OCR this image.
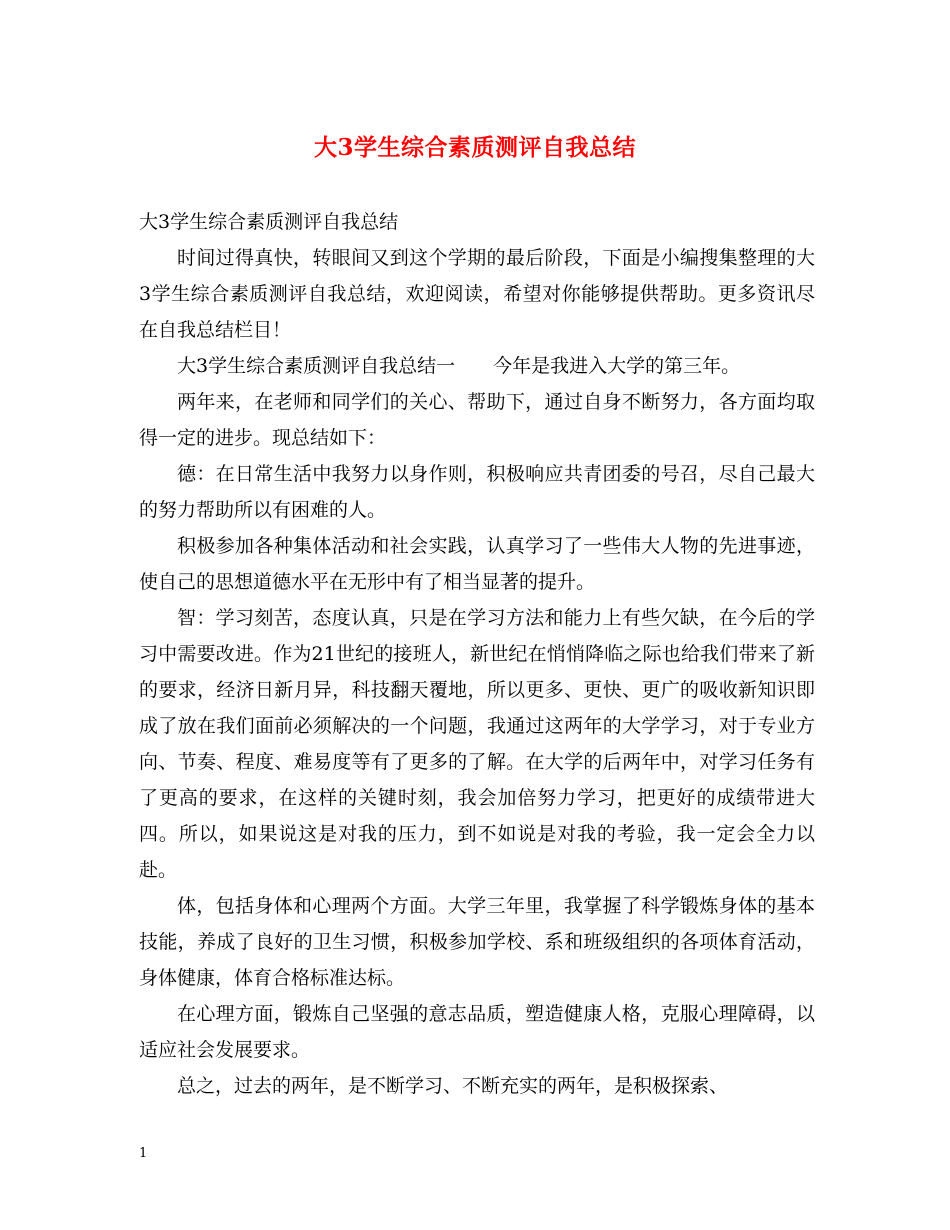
大3学生综合素质测评自我总结

大3学生综合素质测评自我总结

时间过得真快，转眼间又到这个学期的最后阶段，下面是小编搜集整理的大3学生综合素质测评自我总结，欢迎阅读，希望对你能够提供帮助。更多资讯尽在自我总结栏目！

大3学生综合素质测评自我总结一　　今年是我进入大学的第三年。

两年来，在老师和同学们的关心、帮助下，通过自身不断努力，各方面均取得一定的进步。现总结如下：

德：在日常生活中我努力以身作则，积极响应共青团委的号召，尽自己最大的努力帮助所以有困难的人。

积极参加各种集体活动和社会实践，认真学习了一些伟大人物的先进事迹，使自己的思想道德水平在无形中有了相当显著的提升。

智：学习刻苦，态度认真，只是在学习方法和能力上有些欠缺，在今后的学习中需要改进。作为21世纪的接班人，新世纪在悄悄降临之际也给我们带来了新的要求，经济日新月异，科技翻天覆地，所以更多、更快、更广的吸收新知识即成了放在我们面前必须解决的一个问题，我通过这两年的大学学习，对于专业方向、节奏、程度、难易度等有了更多的了解。在大学的后两年中，对学习任务有了更高的要求，在这样的关键时刻，我会加倍努力学习，把更好的成绩带进大四。所以，如果说这是对我的压力，到不如说是对我的考验，我一定会全力以赴。

体，包括身体和心理两个方面。大学三年里，我掌握了科学锻炼身体的基本技能，养成了良好的卫生习惯，积极参加学校、系和班级组织的各项体育活动，身体健康，体育合格标准达标。

在心理方面，锻炼自己坚强的意志品质，塑造健康人格，克服心理障碍，以适应社会发展要求。

总之，过去的两年，是不断学习、不断充实的两年，是积极探索、

1
